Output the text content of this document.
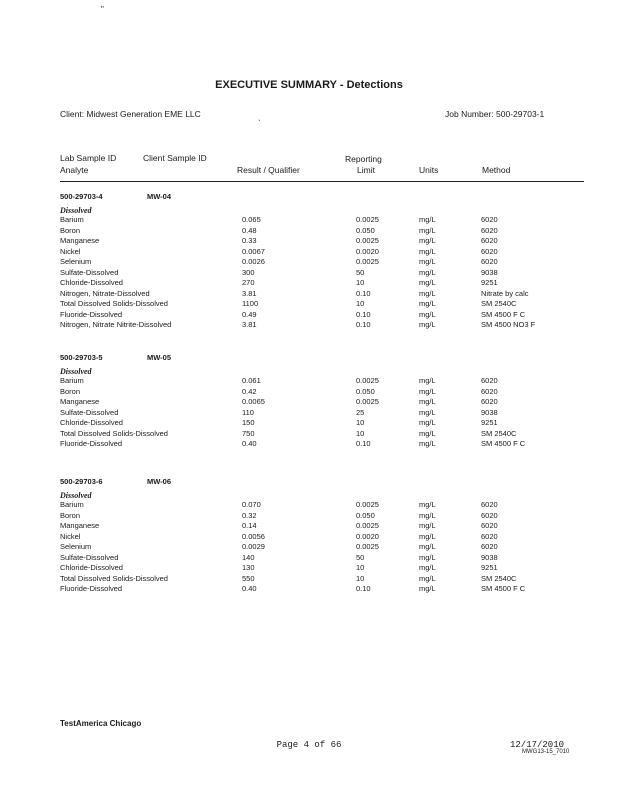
"
EXECUTIVE SUMMARY - Detections
Client: Midwest Generation EME LLC	Job Number: 500-29703-1
`
Lab Sample ID	Client Sample ID
Analyte	Result / Qualifier
Reporting
Limit	Units	Method
500-29703-4	MW-04
Dissolved
Barium	0.065	0.0025	mg/L	6020
Boron	0.48	0.050	mg/L	6020
Manganese	0.33	0.0025	mg/L	6020
Nickel	0.0067	0.0020	mg/L	6020
Selenium	0.0026	0.0025	mg/L	6020
Sulfate-Dissolved	300	50	mg/L	9038
Chloride-Dissolved	270	10	mg/L	9251
Nitrogen, Nitrate-Dissolved	3.81	0.10	mg/L	Nitrate by calc
Total Dissolved Solids-Dissolved	1100	10	mg/L	SM 2540C
Fluoride-Dissolved	0.49	0.10	mg/L	SM 4500 F C
Nitrogen, Nitrate Nitrite-Dissolved	3.81	0.10	mg/L	SM 4500 NO3 F
500-29703-5	MW-05
Dissolved
Barium	0.061	0.0025	mg/L	6020
Boron	0.42	0.050	mg/L	6020
Manganese	0.0065	0.0025	mg/L	6020
Sulfate-Dissolved	110	25	mg/L	9038
Chloride-Dissolved	150	10	mg/L	9251
Total Dissolved Solids-Dissolved	750	10	mg/L	SM 2540C
Fluoride-Dissolved	0.40	0.10	mg/L	SM 4500 F C
500-29703-6	MW-06
Dissolved
Barium	0.070	0.0025	mg/L	6020
Boron	0.32	0.050	mg/L	6020
Manganese	0.14	0.0025	mg/L	6020
Nickel	0.0056	0.0020	mg/L	6020
Selenium	0.0029	0.0025	mg/L	6020
Sulfate-Dissolved	140	50	mg/L	9038
Chloride-Dissolved	130	10	mg/L	9251
Total Dissolved Solids-Dissolved	550	10	mg/L	SM 2540C
Fluoride-Dissolved	0.40	0.10	mg/L	SM 4500 F C
TestAmerica Chicago
Page 4 of 66	12/17/2010
MWG13-15_7010
